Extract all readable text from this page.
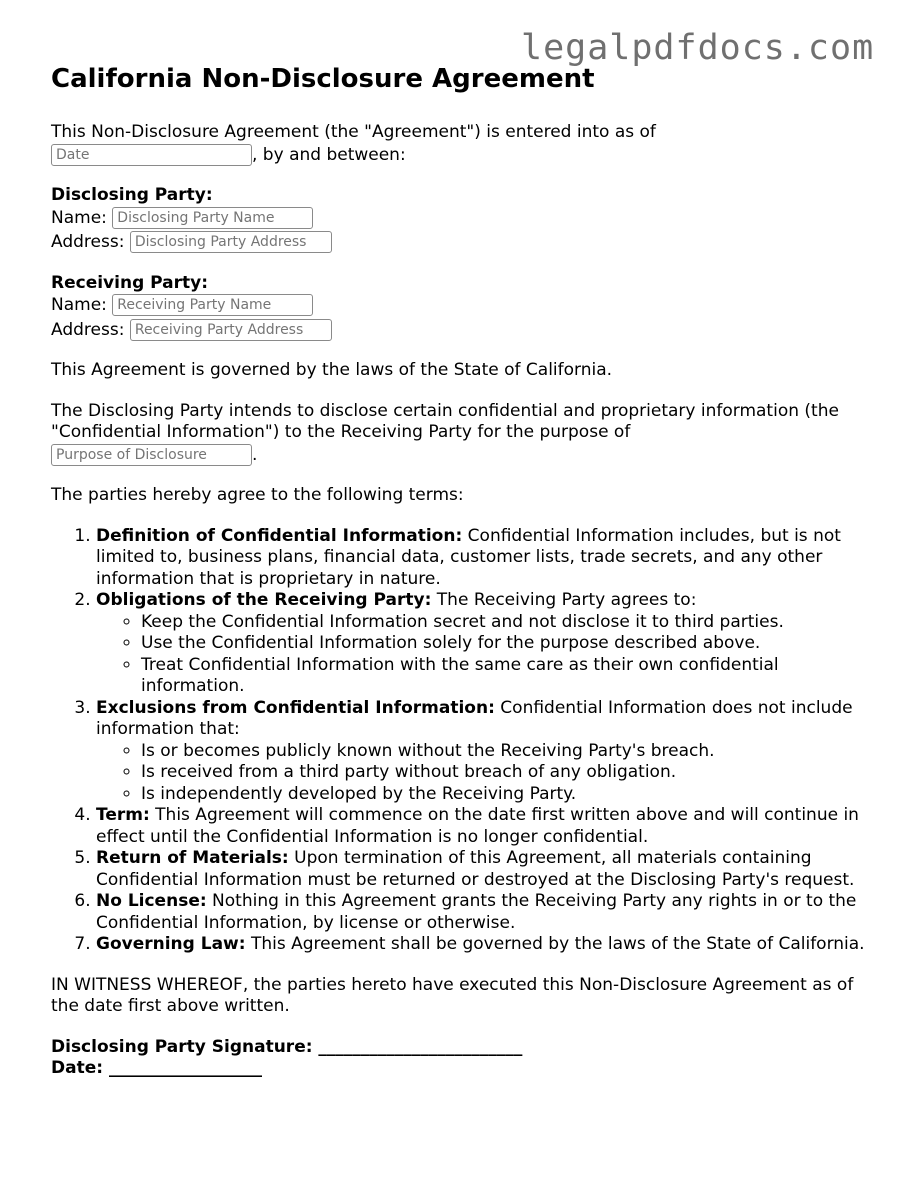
legalpdfdocs.com
California Non-Disclosure Agreement

This Non-Disclosure Agreement (the "Agreement") is entered into as of
Date, by and between:

Disclosing Party:
Name: Disclosing Party Name
Address: Disclosing Party Address
Receiving Party:
Name: Receiving Party Name
Address: Receiving Party Address

This Agreement is governed by the laws of the State of California.

The Disclosing Party intends to disclose certain confidential and proprietary information (the "Confidential Information") to the Receiving Party for the purpose of
Purpose of Disclosure.

The parties hereby agree to the following terms:

1. Definition of Confidential Information: Confidential Information includes, but is not limited to, business plans, financial data, customer lists, trade secrets, and any other information that is proprietary in nature.
2. Obligations of the Receiving Party: The Receiving Party agrees to:
◦ Keep the Confidential Information secret and not disclose it to third parties.
◦ Use the Confidential Information solely for the purpose described above.
◦ Treat Confidential Information with the same care as their own confidential information.
3. Exclusions from Confidential Information: Confidential Information does not include information that:
◦ Is or becomes publicly known without the Receiving Party's breach.
◦ Is received from a third party without breach of any obligation.
◦ Is independently developed by the Receiving Party.
4. Term: This Agreement will commence on the date first written above and will continue in effect until the Confidential Information is no longer confidential.
5. Return of Materials: Upon termination of this Agreement, all materials containing Confidential Information must be returned or destroyed at the Disclosing Party's request.
6. No License: Nothing in this Agreement grants the Receiving Party any rights in or to the Confidential Information, by license or otherwise.
7. Governing Law: This Agreement shall be governed by the laws of the State of California.

IN WITNESS WHEREOF, the parties hereto have executed this Non-Disclosure Agreement as of the date first above written.

Disclosing Party Signature: ________________________
Date: __________________
